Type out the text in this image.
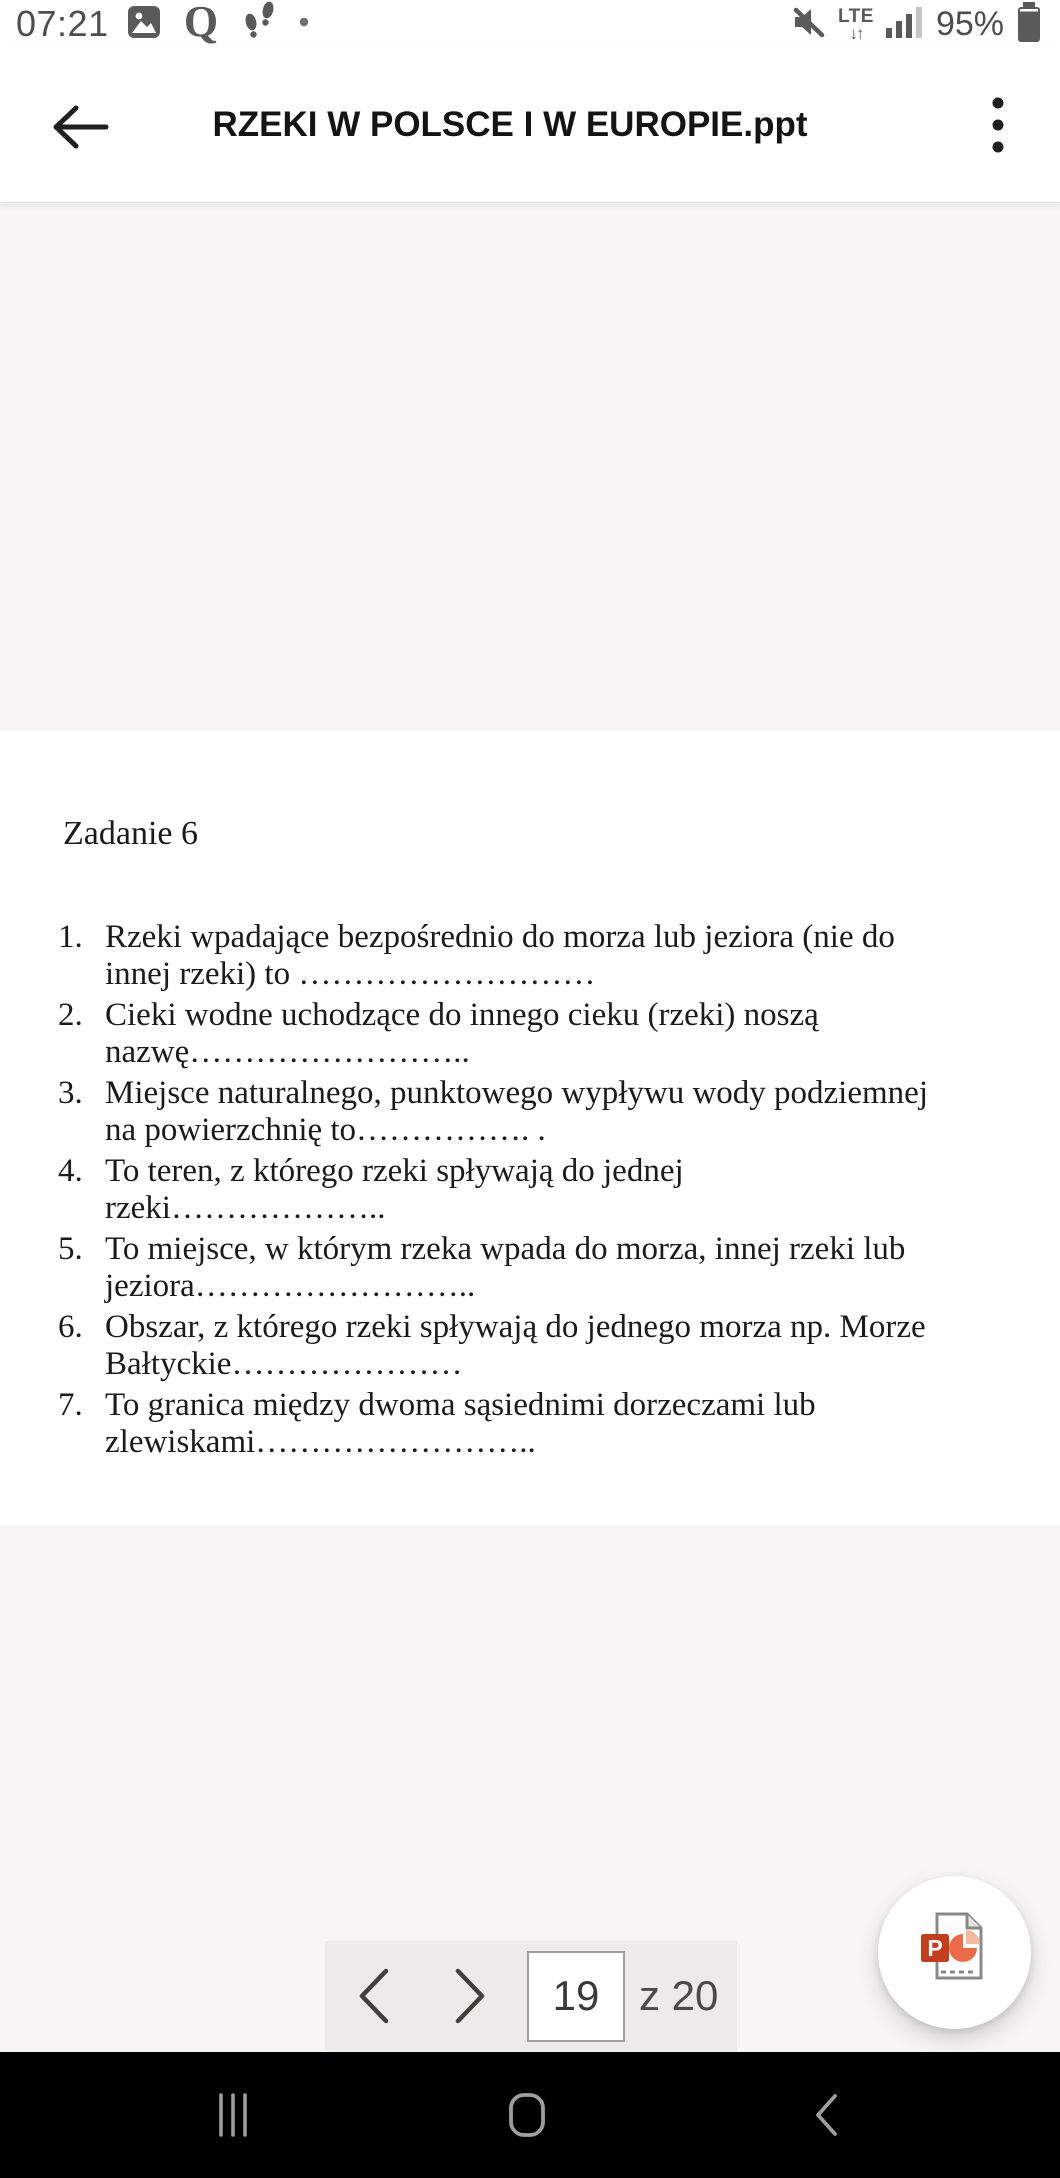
07:21 Q	LTE
↓↑ 95%
RZEKI W POLSCE I W EUROPIE.ppt
Zadanie 6
1. Rzeki wpadające bezpośrednio do morza lub jeziora (nie do
innej rzeki) to ………………………
2. Cieki wodne uchodzące do innego cieku (rzeki) noszą
nazwę……………………..
3. Miejsce naturalnego, punktowego wypływu wody podziemnej
na powierzchnię to……………. .
4. To teren, z którego rzeki spływają do jednej
rzeki………………..
5. To miejsce, w którym rzeka wpada do morza, innej rzeki lub
jeziora……………………..
6. Obszar, z którego rzeki spływają do jednego morza np. Morze
Bałtyckie…………………
7. To granica między dwoma sąsiednimi dorzeczami lub
zlewiskami……………………..
19
z 20
P
